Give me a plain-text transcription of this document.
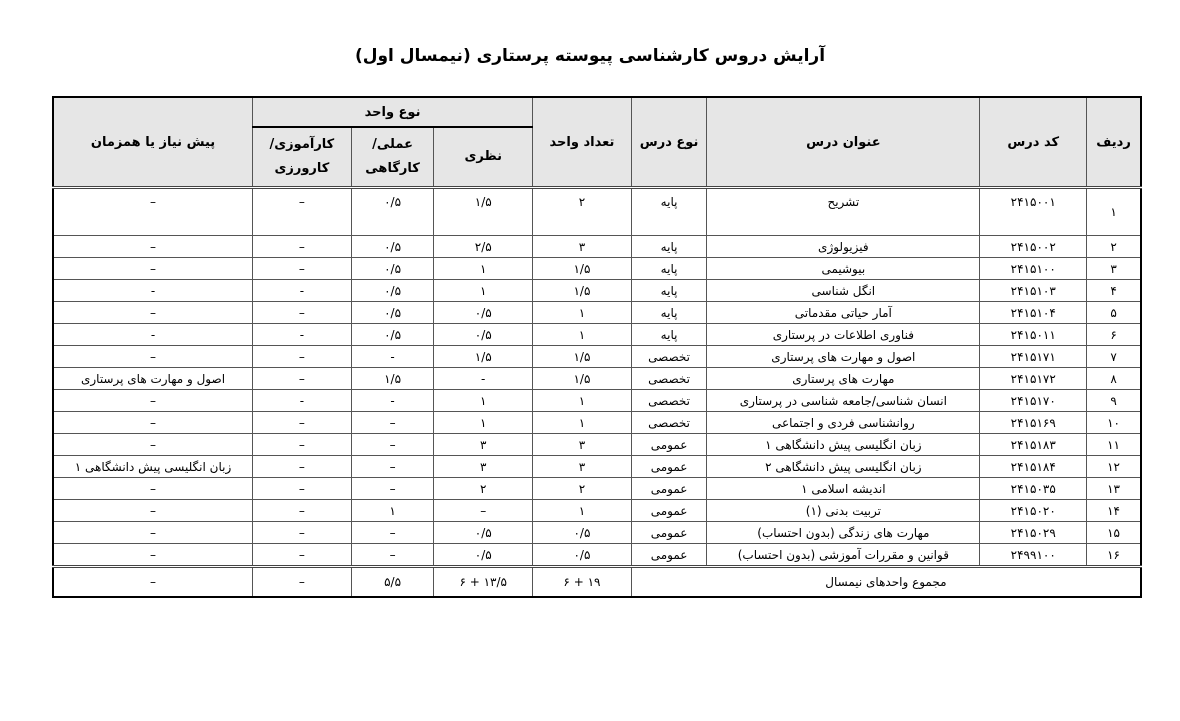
آرایش دروس کارشناسی پیوسته پرستاری (نیمسال اول)
ردیف	کد درس	عنوان درس	نوع درس	تعداد واحد	نوع واحد			پیش نیاز یا همزمان
					نظری	عملی/ کارگاهی	کارآموزی/ کارورزی	
۱	۲۴۱۵۰۰۱	تشریح	پایه	۲	۱/۵	۰/۵	–	–
۲	۲۴۱۵۰۰۲	فیزیولوژی	پایه	۳	۲/۵	۰/۵	–	–
۳	۲۴۱۵۱۰۰	بیوشیمی	پایه	۱/۵	۱	۰/۵	–	–
۴	۲۴۱۵۱۰۳	انگل شناسی	پایه	۱/۵	۱	۰/۵	-	-
۵	۲۴۱۵۱۰۴	آمار حیاتی مقدماتی	پایه	۱	۰/۵	۰/۵	–	–
۶	۲۴۱۵۰۱۱	فناوری اطلاعات در پرستاری	پایه	۱	۰/۵	۰/۵	-	-
۷	۲۴۱۵۱۷۱	اصول و مهارت های پرستاری	تخصصی	۱/۵	۱/۵	-	–	–
۸	۲۴۱۵۱۷۲	مهارت های پرستاری	تخصصی	۱/۵	-	۱/۵	–	اصول و مهارت های پرستاری
۹	۲۴۱۵۱۷۰	انسان شناسی/جامعه شناسی در پرستاری	تخصصی	۱	۱	-	-	–
۱۰	۲۴۱۵۱۶۹	روانشناسی فردی و اجتماعی	تخصصی	۱	۱	–	–	–
۱۱	۲۴۱۵۱۸۳	زبان انگلیسی پیش دانشگاهی ۱	عمومی	۳	۳	–	–	–
۱۲	۲۴۱۵۱۸۴	زبان انگلیسی پیش دانشگاهی ۲	عمومی	۳	۳	–	–	زبان انگلیسی پیش دانشگاهی ۱
۱۳	۲۴۱۵۰۳۵	اندیشه اسلامی ۱	عمومی	۲	۲	–	–	–
۱۴	۲۴۱۵۰۲۰	تربیت بدنی (۱)	عمومی	۱	–	۱	–	–
۱۵	۲۴۱۵۰۲۹	مهارت های زندگی (بدون احتساب)	عمومی	۰/۵	۰/۵	–	–	–
۱۶	۲۴۹۹۱۰۰	قوانین و مقررات آموزشی (بدون احتساب)	عمومی	۰/۵	۰/۵	–	–	–
مجموع واحدهای نیمسال				۱۹ + ۶	۱۳/۵ + ۶	۵/۵	–	–
